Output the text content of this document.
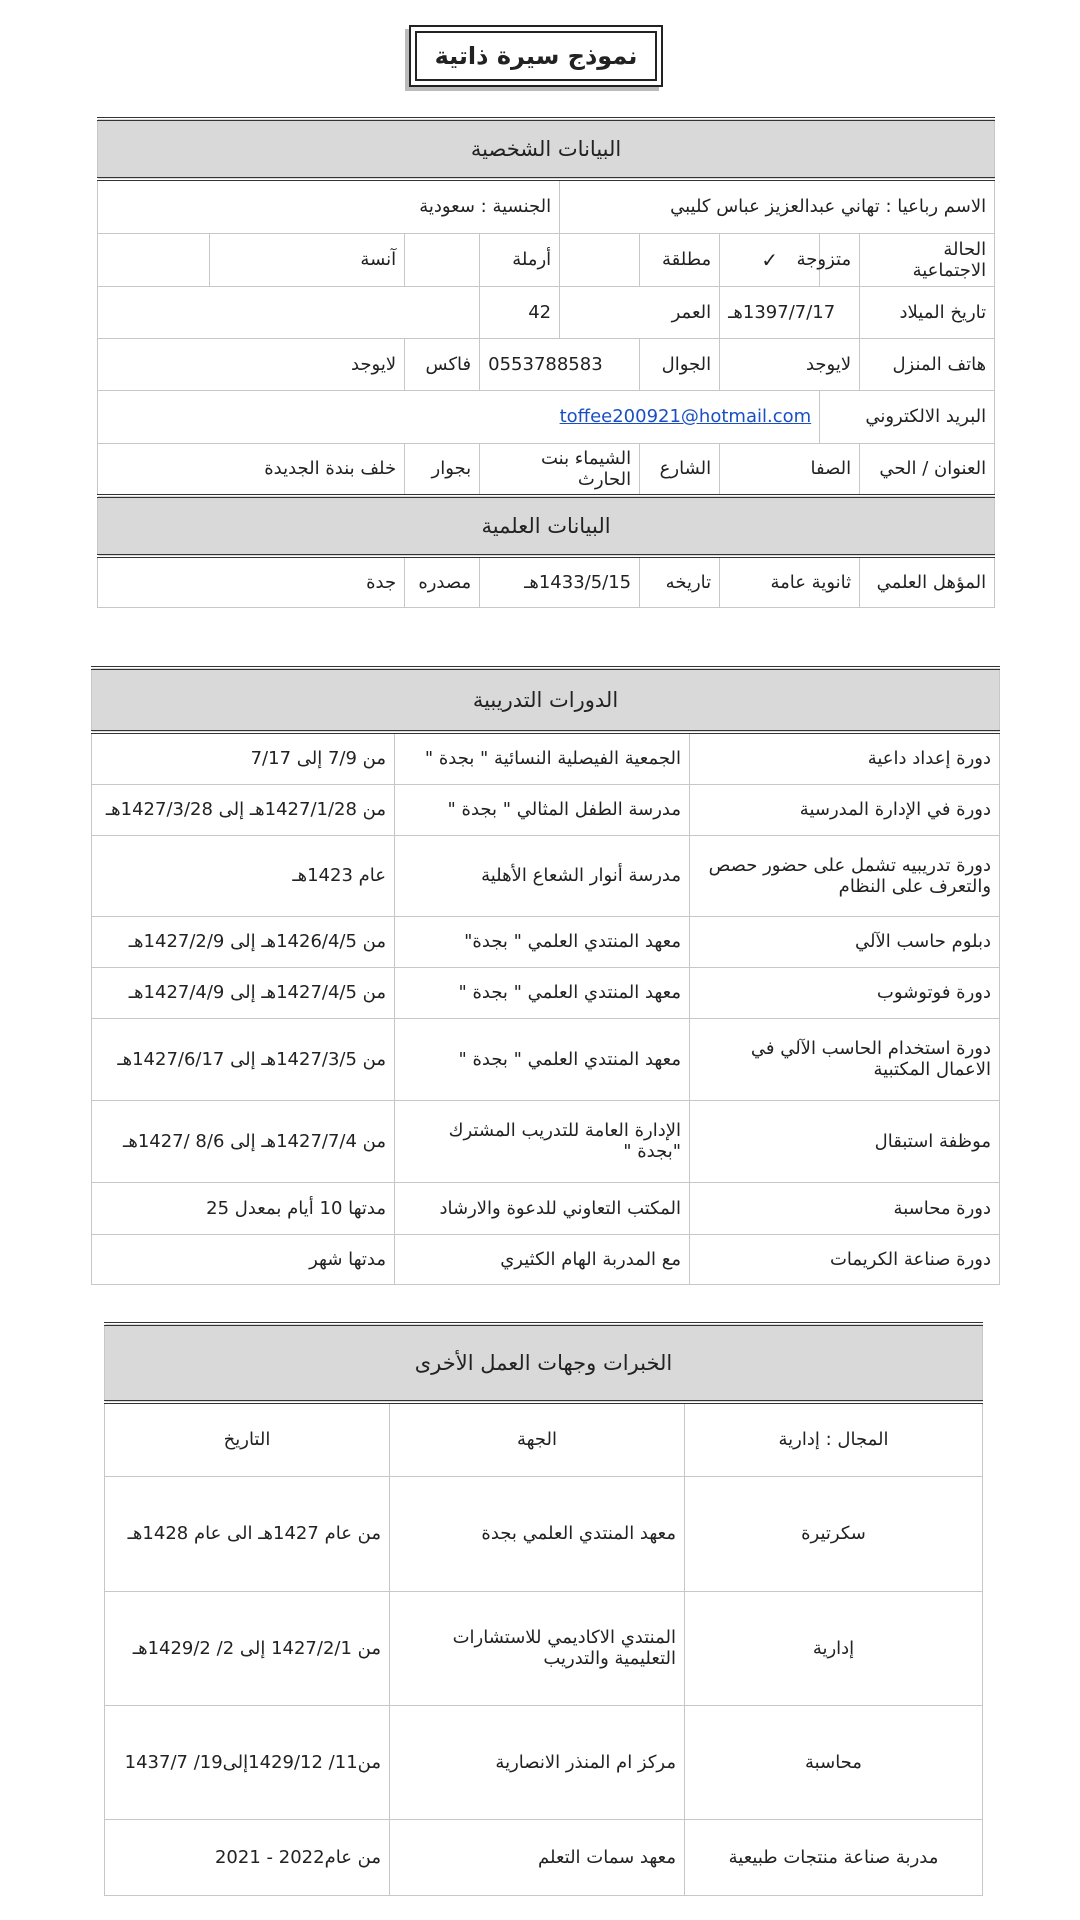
نموذج سيرة ذاتية
البيانات الشخصية								
الاسم رباعيا : تهاني عبدالعزيز عباس كليبي					الجنسية : سعودية			
الحالة الاجتماعية	متزوجة	✓	مطلقة		أرملة		آنسة	
تاريخ الميلاد	1397/7/17هـ		العمر		42			
هاتف المنزل	لايوجد		الجوال	0553788583		فاكس	لايوجد	
البريد الالكتروني		toffee200921@hotmail.com						
العنوان / الحي	الصفا		الشارع	الشيماء بنت الحارث		بجوار	خلف بندة الجديدة	
البيانات العلمية								
المؤهل العلمي	ثانوية عامة		تاريخه	1433/5/15هـ		مصدره	جدة	
الدورات التدريبية		
دورة إعداد داعية	الجمعية الفيصلية النسائية " بجدة "	من 7/9 إلى 7/17
دورة في الإدارة المدرسية	مدرسة الطفل المثالي " بجدة "	من 1427/1/28هـ إلى 1427/3/28هـ
دورة تدريبيه تشمل على حضور حصص والتعرف على النظام	مدرسة أنوار الشعاع الأهلية	عام 1423هـ
دبلوم حاسب الآلي	معهد المنتدي العلمي " بجدة"	من 1426/4/5هـ إلى 1427/2/9هـ
دورة فوتوشوب	معهد المنتدي العلمي " بجدة "	من 1427/4/5هـ إلى 1427/4/9هـ
دورة استخدام الحاسب الآلي في الاعمال المكتبية	معهد المنتدي العلمي " بجدة "	من 1427/3/5هـ إلى 1427/6/17هـ
موظفة استبقال	الإدارة العامة للتدريب المشترك "بجدة "	من 1427/7/4هـ إلى 8/6 /1427هـ
دورة محاسبة	المكتب التعاوني للدعوة والارشاد	مدتها 10 أيام بمعدل 25
دورة صناعة الكريمات	مع المدربة الهام الكثيري	مدتها شهر
الخبرات وجهات العمل الأخرى		
المجال : إدارية	الجهة	التاريخ
سكرتيرة	معهد المنتدي العلمي بجدة	من عام 1427هـ الى عام 1428هـ
إدارية	المنتدي الاكاديمي للاستشارات التعليمية والتدريب	من 1427/2/1 إلى 2/ 1429/2هـ
محاسبة	مركز ام المنذر الانصارية	من11/ 1429/12إلى19/ 1437/7
مدربة صناعة منتجات طبيعية	معهد سمات التعلم	من عام2022 - 2021
